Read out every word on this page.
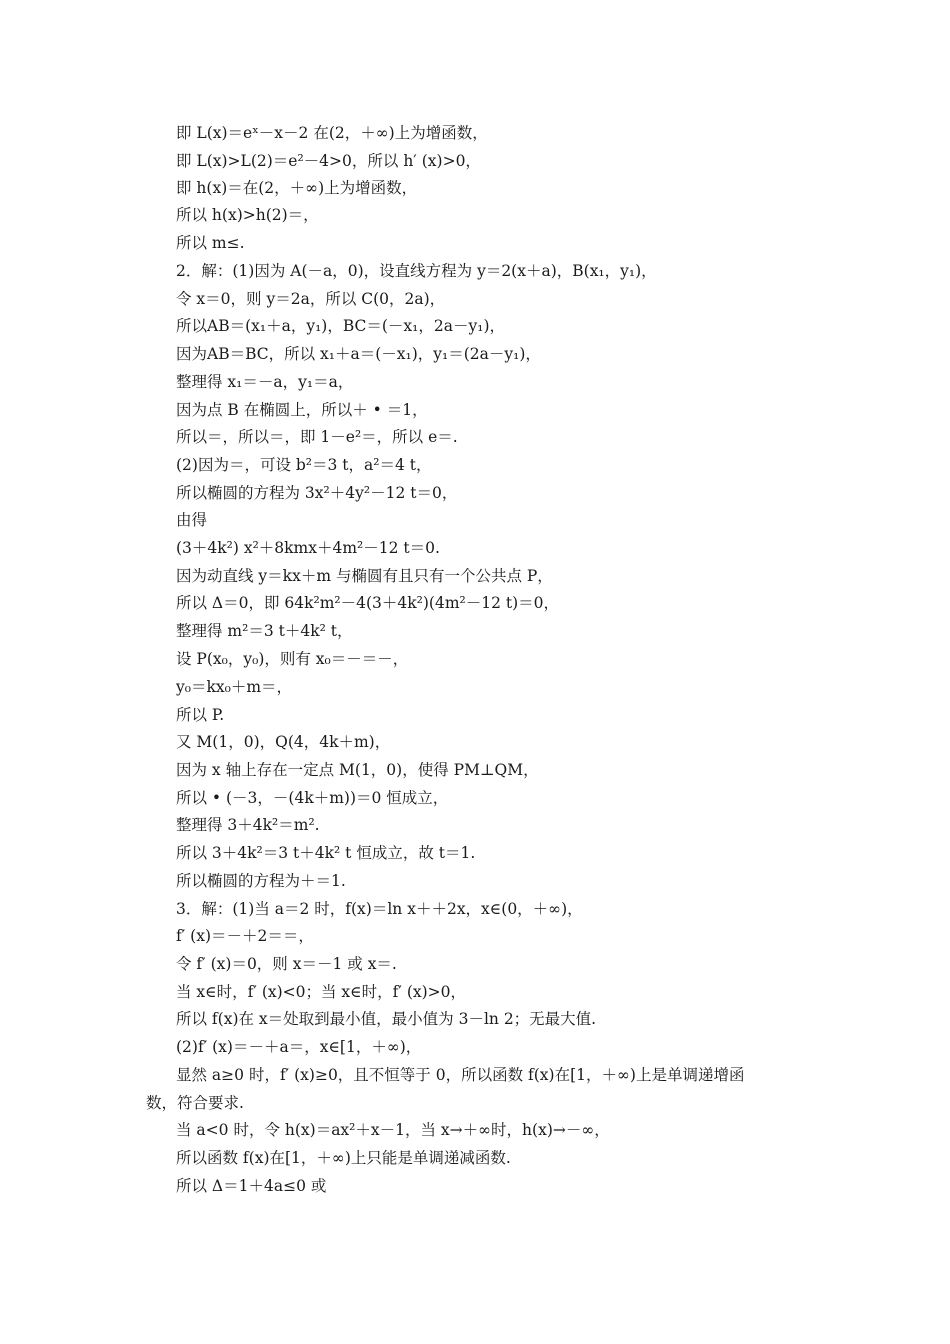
即 L(x)＝eˣ－x－2 在(2，＋∞)上为增函数，
即 L(x)>L(2)＝e²－4>0，所以 h′ (x)>0，
即 h(x)＝在(2，＋∞)上为增函数，
所以 h(x)>h(2)＝，
所以 m≤.
2．解：(1)因为 A(－a，0)，设直线方程为 y＝2(x＋a)，B(x₁，y₁)，
令 x＝0，则 y＝2a，所以 C(0，2a)，
所以AB＝(x₁＋a，y₁)，BC＝(－x₁，2a－y₁)，
因为AB＝BC，所以 x₁＋a＝(－x₁)，y₁＝(2a－y₁)，
整理得 x₁＝－a，y₁＝a，
因为点 B 在椭圆上，所以＋ • ＝1，
所以＝，所以＝，即 1－e²＝，所以 e＝.
(2)因为＝，可设 b²＝3 t，a²＝4 t，
所以椭圆的方程为 3x²＋4y²－12 t＝0，
由得
(3＋4k²) x²＋8kmx＋4m²－12 t＝0.
因为动直线 y＝kx＋m 与椭圆有且只有一个公共点 P，
所以 Δ＝0，即 64k²m²－4(3＋4k²)(4m²－12 t)＝0，
整理得 m²＝3 t＋4k² t，
设 P(x₀，y₀)，则有 x₀＝－＝－，
y₀＝kx₀＋m＝，
所以 P.
又 M(1，0)，Q(4，4k＋m)，
因为 x 轴上存在一定点 M(1，0)，使得 PM⊥QM，
所以 • (－3，－(4k＋m))＝0 恒成立，
整理得 3＋4k²＝m².
所以 3＋4k²＝3 t＋4k² t 恒成立，故 t＝1.
所以椭圆的方程为＋＝1.
3．解：(1)当 a＝2 时，f(x)＝ln x＋＋2x，x∈(0，＋∞)，
f′ (x)＝－＋2＝＝，
令 f′ (x)＝0，则 x＝－1 或 x＝.
当 x∈时，f′ (x)<0；当 x∈时，f′ (x)>0，
所以 f(x)在 x＝处取到最小值，最小值为 3－ln 2；无最大值.
(2)f′ (x)＝－＋a＝，x∈[1，＋∞)，
显然 a≥0 时，f′ (x)≥0，且不恒等于 0，所以函数 f(x)在[1，＋∞)上是单调递增函
数，符合要求.
当 a<0 时，令 h(x)＝ax²＋x－1，当 x→＋∞时，h(x)→－∞，
所以函数 f(x)在[1，＋∞)上只能是单调递减函数.
所以 Δ＝1＋4a≤0 或
